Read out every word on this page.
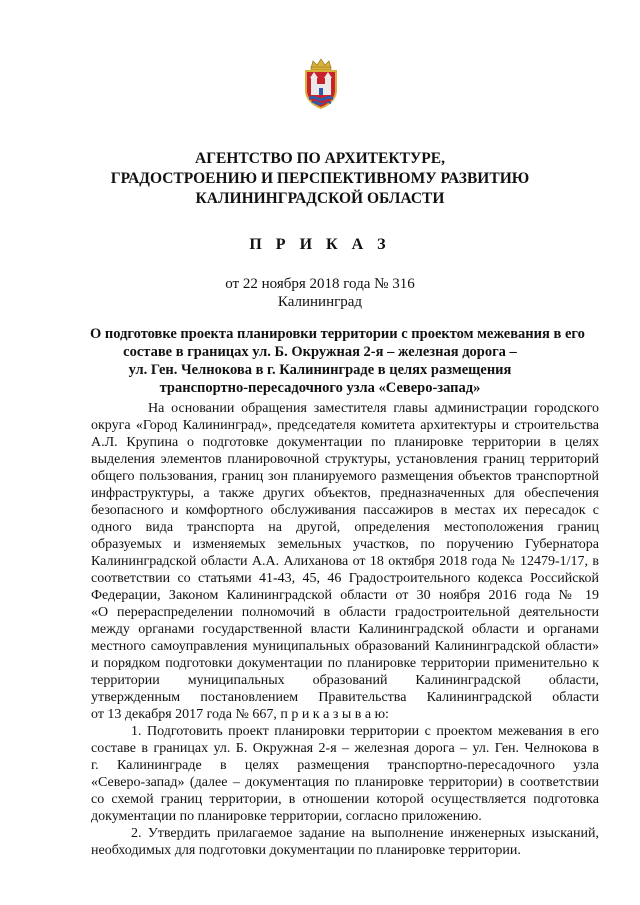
АГЕНТСТВО ПО АРХИТЕКТУРЕ,
ГРАДОСТРОЕНИЮ И ПЕРСПЕКТИВНОМУ РАЗВИТИЮ
КАЛИНИНГРАДСКОЙ ОБЛАСТИ
П Р И К А З
от 22 ноября 2018 года № 316
Калининград
О подготовке проекта планировки территории с проектом межевания в его
составе в границах ул. Б. Окружная 2-я – железная дорога –
ул. Ген. Челнокова в г. Калининграде в целях размещения
транспортно-пересадочного узла «Северо-запад»
На основании обращения заместителя главы администрации городского
округа «Город Калининград», председателя комитета архитектуры и строительства
А.Л. Крупина о подготовке документации по планировке территории в целях
выделения элементов планировочной структуры, установления границ территорий
общего пользования, границ зон планируемого размещения объектов транспортной
инфраструктуры, а также других объектов, предназначенных для обеспечения
безопасного и комфортного обслуживания пассажиров в местах их пересадок с
одного вида транспорта на другой, определения местоположения границ
образуемых и изменяемых земельных участков, по поручению Губернатора
Калининградской области А.А. Алиханова от 18 октября 2018 года № 12479-1/17, в
соответствии со статьями 41-43, 45, 46 Градостроительного кодекса Российской
Федерации, Законом Калининградской области от 30 ноября 2016 года № 19
«О перераспределении полномочий в области градостроительной деятельности
между органами государственной власти Калининградской области и органами
местного самоуправления муниципальных образований Калининградской области»
и порядком подготовки документации по планировке территории применительно к
территории муниципальных образований Калининградской области,
утвержденным постановлением Правительства Калининградской области
от 13 декабря 2017 года № 667, п р и к а з ы в а ю:
1. Подготовить проект планировки территории с проектом межевания в его
составе в границах ул. Б. Окружная 2-я – железная дорога – ул. Ген. Челнокова в
г. Калининграде в целях размещения транспортно-пересадочного узла
«Северо-запад» (далее – документация по планировке территории) в соответствии
со схемой границ территории, в отношении которой осуществляется подготовка
документации по планировке территории, согласно приложению.
2. Утвердить прилагаемое задание на выполнение инженерных изысканий,
необходимых для подготовки документации по планировке территории.
